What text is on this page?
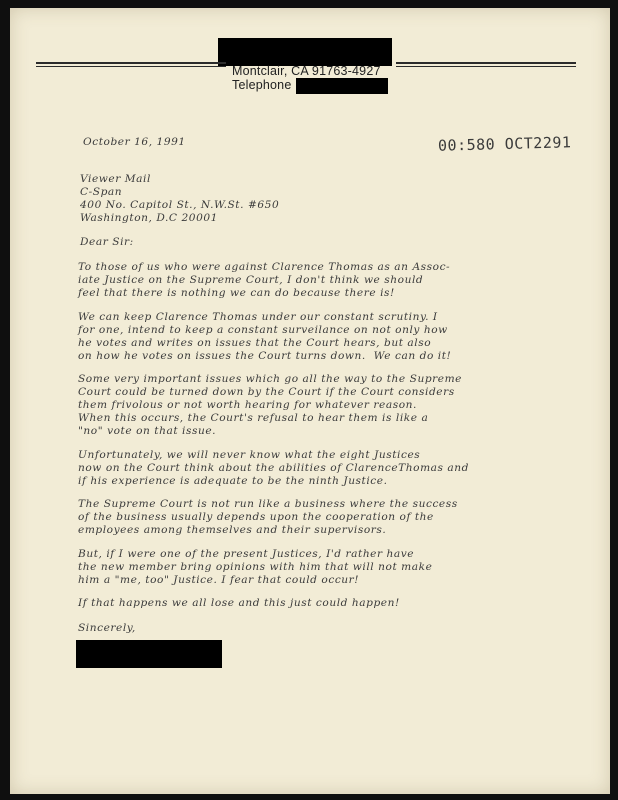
Montclair, CA 91763-4927
Telephone
00:580 OCT2291
October 16, 1991
Viewer Mail
C-Span
400 No. Capitol St., N.W.St. #650
Washington, D.C 20001
Dear Sir:
To those of us who were against Clarence Thomas as an Assoc-
iate Justice on the Supreme Court, I don't think we should
feel that there is nothing we can do because there is!
We can keep Clarence Thomas under our constant scrutiny. I
for one, intend to keep a constant surveilance on not only how
he votes and writes on issues that the Court hears, but also
on how he votes on issues the Court turns down.  We can do it!
Some very important issues which go all the way to the Supreme
Court could be turned down by the Court if the Court considers
them frivolous or not worth hearing for whatever reason.
When this occurs, the Court's refusal to hear them is like a
"no" vote on that issue.
Unfortunately, we will never know what the eight Justices
now on the Court think about the abilities of ClarenceThomas and
if his experience is adequate to be the ninth Justice.
The Supreme Court is not run like a business where the success
of the business usually depends upon the cooperation of the
employees among themselves and their supervisors.
But, if I were one of the present Justices, I'd rather have
the new member bring opinions with him that will not make
him a "me, too" Justice. I fear that could occur!
If that happens we all lose and this just could happen!
Sincerely,
